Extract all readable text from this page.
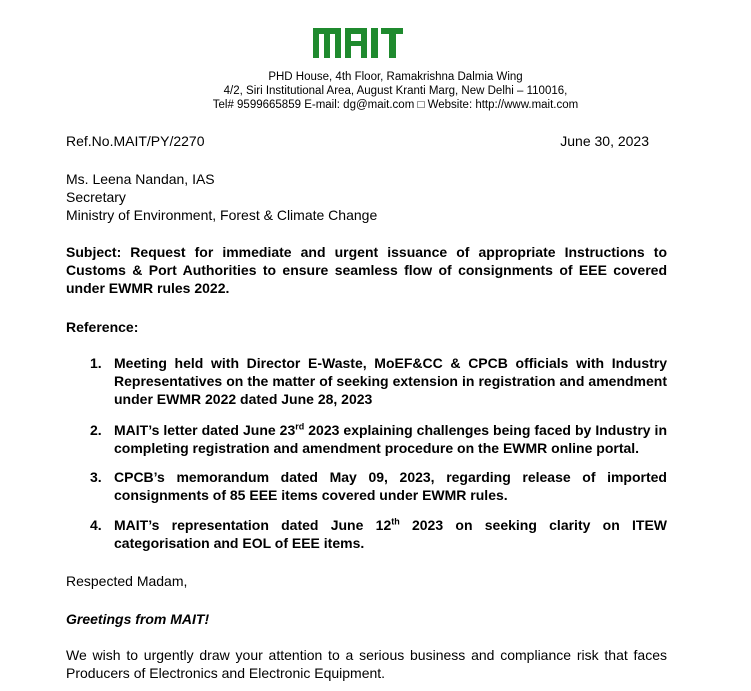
PHD House, 4th Floor, Ramakrishna Dalmia Wing
4/2, Siri Institutional Area, August Kranti Marg, New Delhi – 110016,
Tel# 9599665859 E-mail: dg@mait.com □ Website: http://www.mait.com
Ref.No.MAIT/PY/2270	June 30, 2023
Ms. Leena Nandan, IAS
Secretary
Ministry of Environment, Forest & Climate Change
Subject: Request for immediate and urgent issuance of appropriate Instructions to Customs & Port Authorities to ensure seamless flow of consignments of EEE covered under EWMR rules 2022.
Reference:
1. Meeting held with Director E-Waste, MoEF&CC & CPCB officials with Industry Representatives on the matter of seeking extension in registration and amendment under EWMR 2022 dated June 28, 2023
2. MAIT’s letter dated June 23rd 2023 explaining challenges being faced by Industry in completing registration and amendment procedure on the EWMR online portal.
3. CPCB’s memorandum dated May 09, 2023, regarding release of imported consignments of 85 EEE items covered under EWMR rules.
4. MAIT’s representation dated June 12th 2023 on seeking clarity on ITEW categorisation and EOL of EEE items.
Respected Madam,
Greetings from MAIT!
We wish to urgently draw your attention to a serious business and compliance risk that faces Producers of Electronics and Electronic Equipment.
